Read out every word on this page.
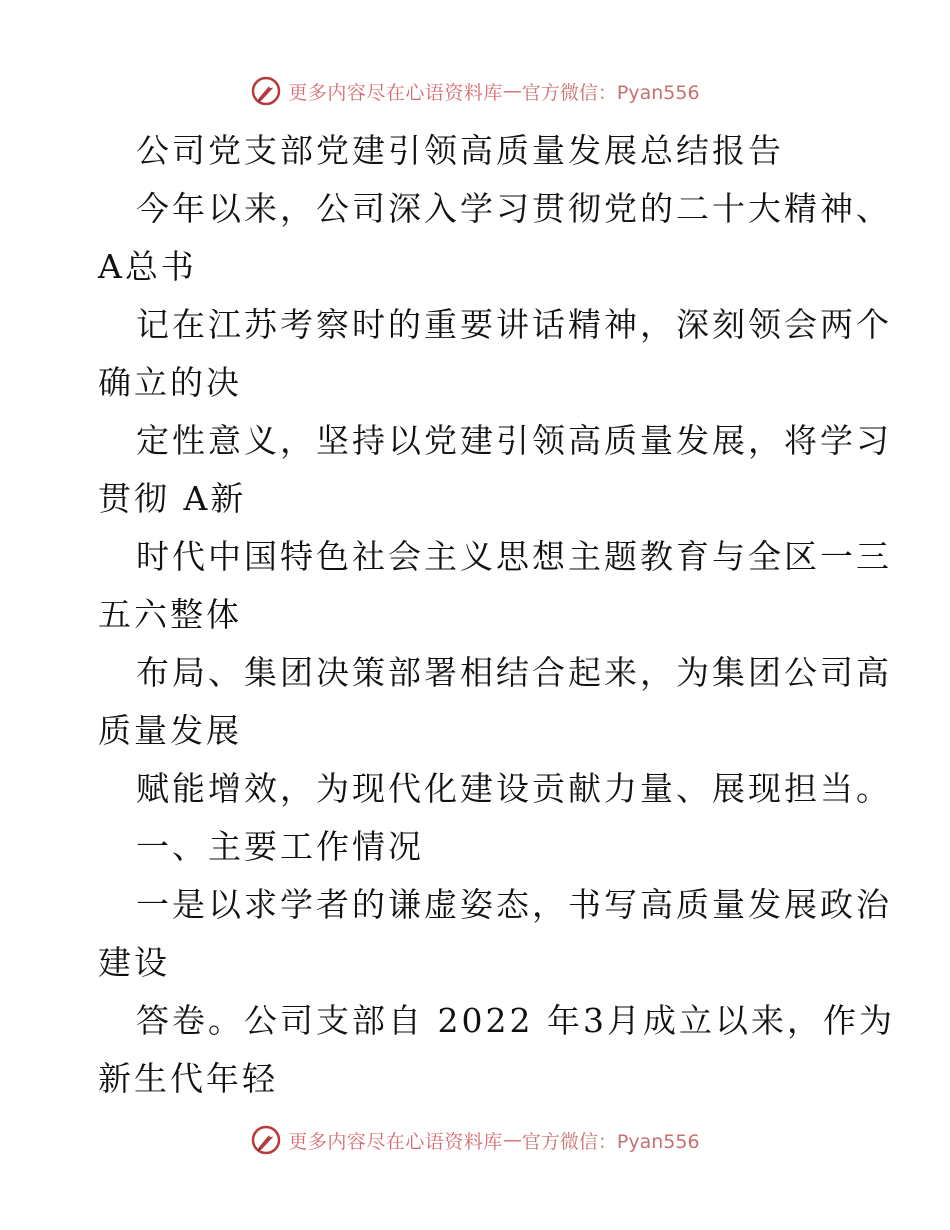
更多内容尽在心语资料库 — 官方微信：Pyan556
公司党支部党建引领高质量发展总结报告
今年以来，公司深入学习贯彻党的二十大精神、
A总书
记在江苏考察时的重要讲话精神，深刻领会两个
确立的决
定性意义，坚持以党建引领高质量发展，将学习
贯彻 A新
时代中国特色社会主义思想主题教育与全区一三
五六整体
布局、集团决策部署相结合起来，为集团公司高
质量发展
赋能增效，为现代化建设贡献力量、展现担当。
一、主要工作情况
一是以求学者的谦虚姿态，书写高质量发展政治
建设
答卷。公司支部自 2022 年3月成立以来，作为
新生代年轻
更多内容尽在心语资料库 — 官方微信：Pyan556
